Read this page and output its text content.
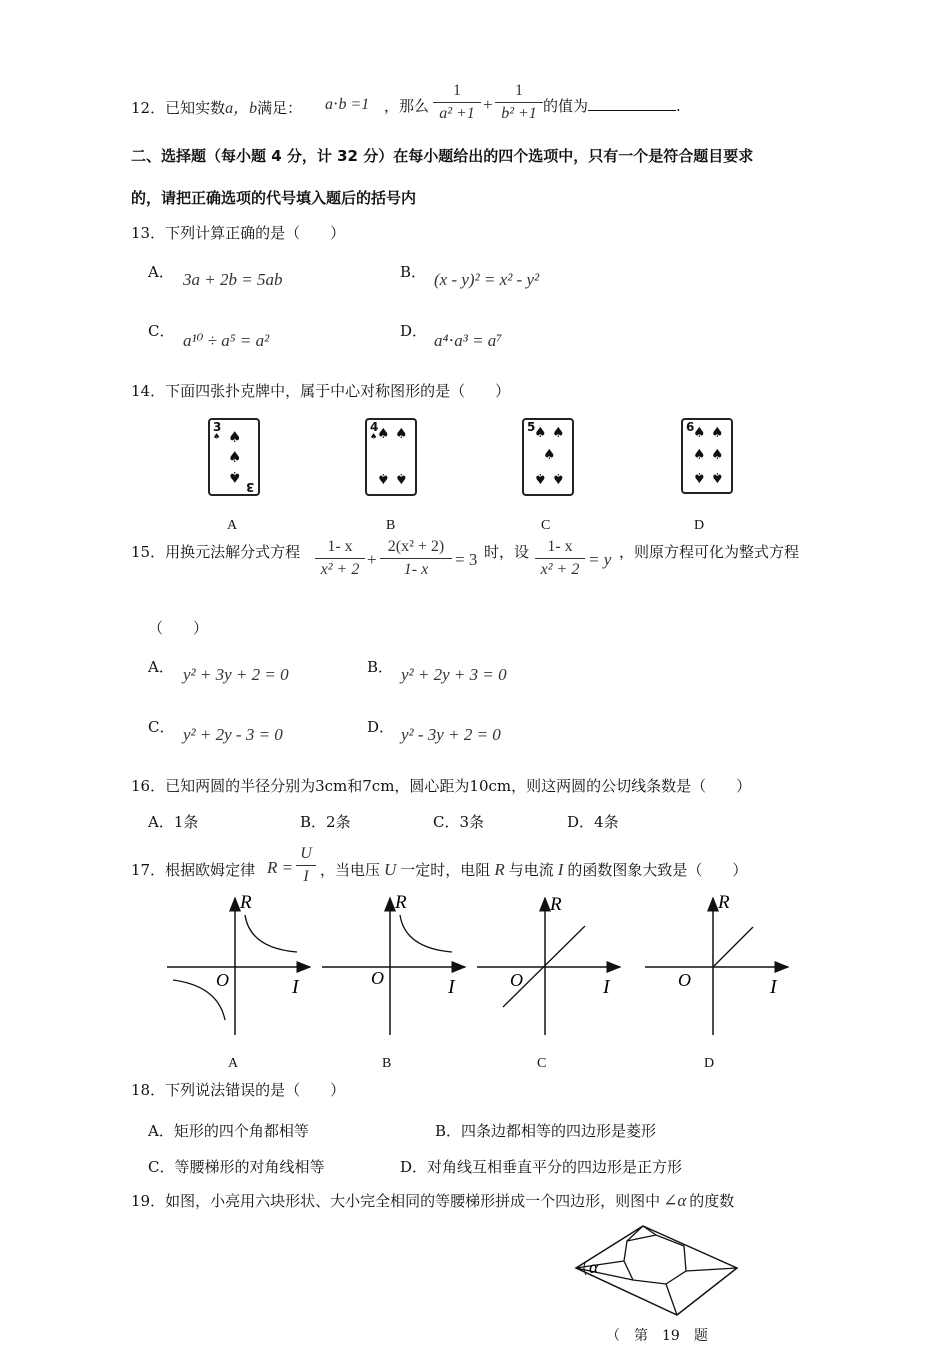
12．已知实数a，b满足： a⋅b =1 ，那么 $\frac{1}{\text{a² +1}} + \frac{1}{\text{b² +1}}$ 的值为	.
二、选择题（每小题 4 分，计 32 分）在每小题给出的四个选项中，只有一个是符合题目要求
的，请把正确选项的代号填入题后的括号内
13．下列计算正确的是（　　）
A． 3a + 2b = 5ab	B． (x - y)² = x² - y²
C． a¹⁰ ÷ a⁵ = a²	D． a⁴⋅a³ = a⁷
14．下面四张扑克牌中，属于中心对称图形的是（　　）
3
♠ ♠
♠
♠
3
4
♠ ♠ ♠
♠ ♠
5
♠ ♠
♠
♠ ♠
6
♠ ♠
♠ ♠
♠ ♠
A	B	C	D
15．用换元法解分式方程 $\frac{1- x}{\text{x² + 2}} + \frac{\text{2(x² + 2)}}{1- x} = 3$ 时，设 $\frac{1- x}{\text{x² + 2}} = y$ ，则原方程可化为整式方程
（　　）
A． y² + 3y + 2 = 0	B． y² + 2y + 3 = 0
C． y² + 2y - 3 = 0	D． y² - 3y + 2 = 0
16．已知两圆的半径分别为3cm和7cm，圆心距为10cm，则这两圆的公切线条数是（　　）
A．1条	B．2条	C．3条	D．4条
17．根据欧姆定律 $R = \frac{U}{I}$ ，当电压 U 一定时，电阻 R 与电流 I 的函数图象大致是（　　）
R
O	I
R
O	I
R
O	I
R
O	I
A	B	C	D
18．下列说法错误的是（　　）
A．矩形的四个角都相等	B．四条边都相等的四边形是菱形
C．等腰梯形的对角线相等	D．对角线互相垂直平分的四边形是正方形
19．如图，小亮用六块形状、大小完全相同的等腰梯形拼成一个四边形，则图中 ∠α 的度数
α
（　第　19　题
